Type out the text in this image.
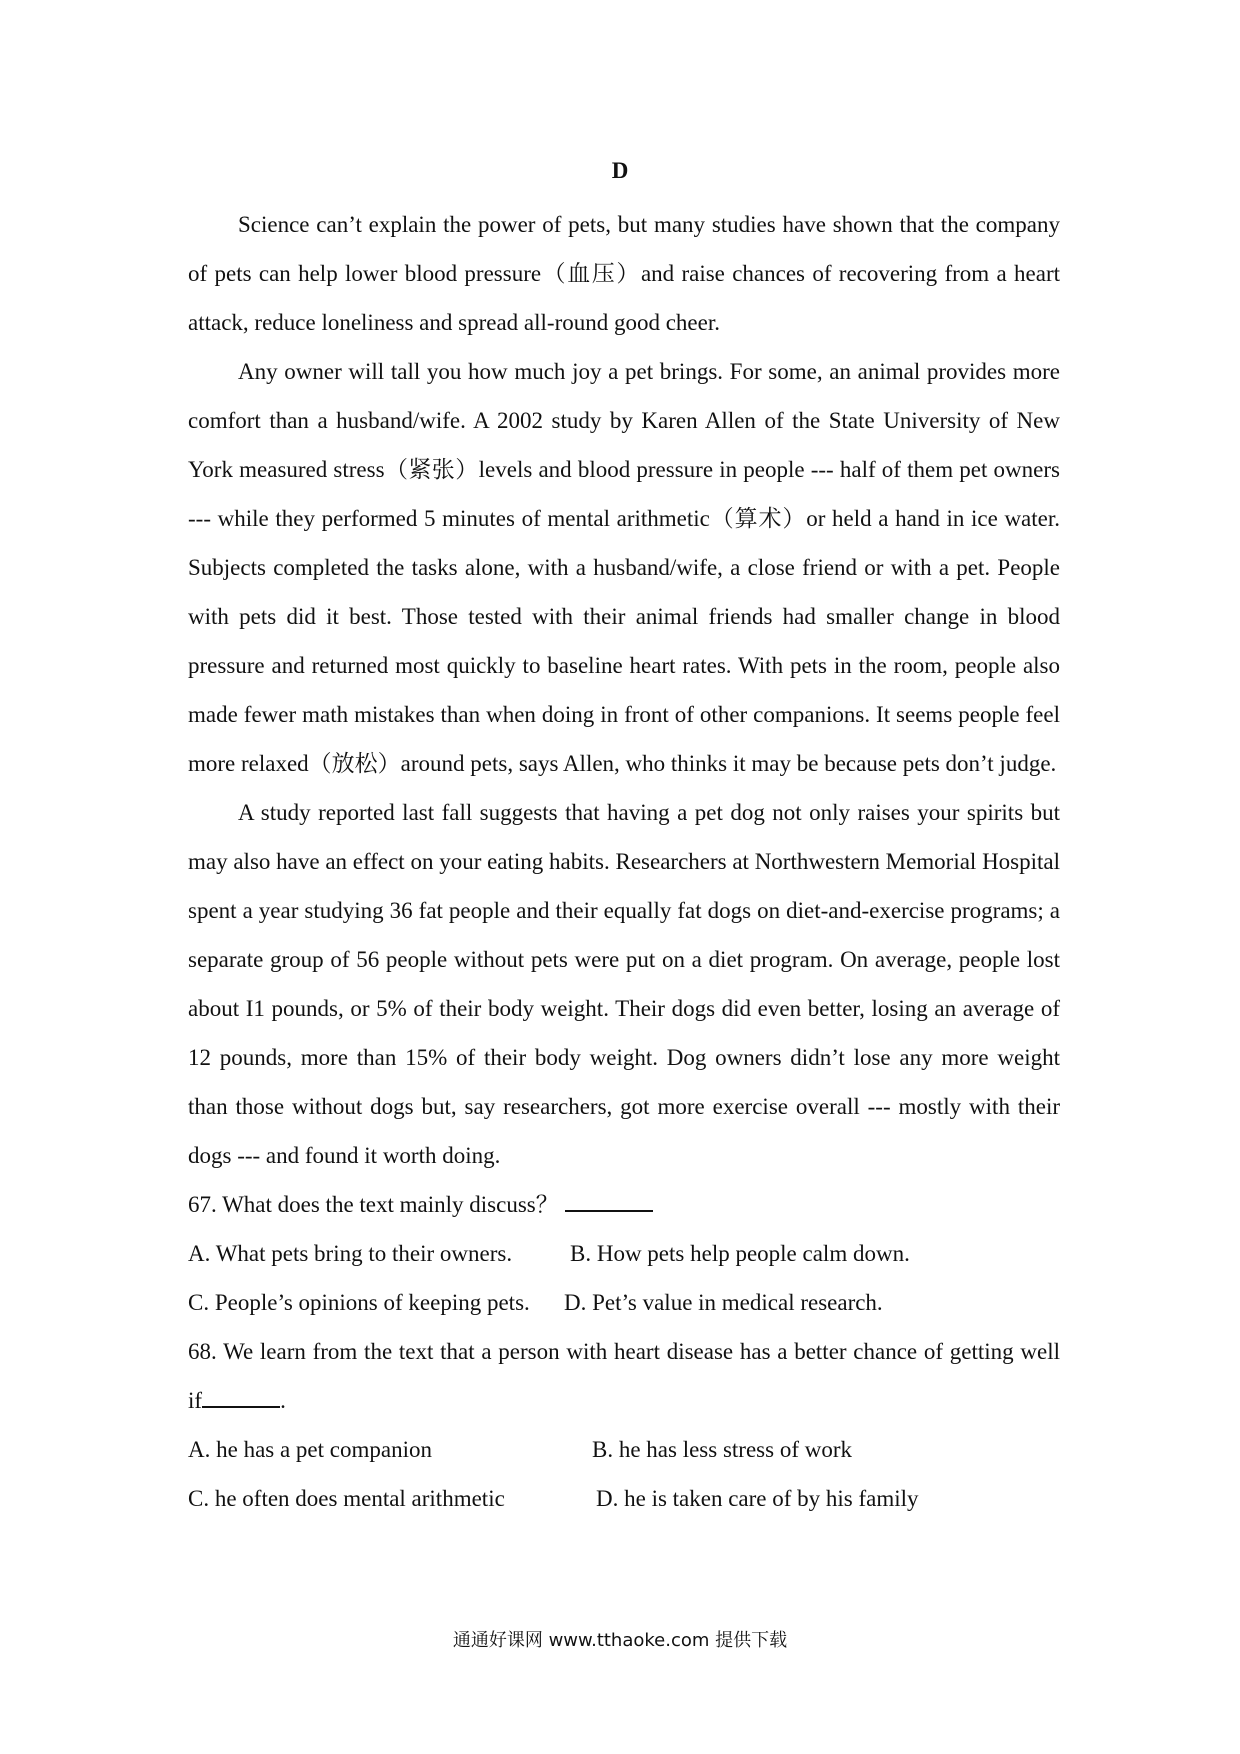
D

Science can’t explain the power of pets, but many studies have shown that the company of pets can help lower blood pressure（血压）and raise chances of recovering from a heart attack, reduce loneliness and spread all-round good cheer.

Any owner will tall you how much joy a pet brings. For some, an animal provides more comfort than a husband/wife. A 2002 study by Karen Allen of the State University of New York measured stress（紧张）levels and blood pressure in people --- half of them pet owners --- while they performed 5 minutes of mental arithmetic（算术）or held a hand in ice water. Subjects completed the tasks alone, with a husband/wife, a close friend or with a pet. People with pets did it best. Those tested with their animal friends had smaller change in blood pressure and returned most quickly to baseline heart rates. With pets in the room, people also made fewer math mistakes than when doing in front of other companions. It seems people feel more relaxed（放松）around pets, says Allen, who thinks it may be because pets don’t judge.

A study reported last fall suggests that having a pet dog not only raises your spirits but may also have an effect on your eating habits. Researchers at Northwestern Memorial Hospital spent a year studying 36 fat people and their equally fat dogs on diet-and-exercise programs; a separate group of 56 people without pets were put on a diet program. On average, people lost about I1 pounds, or 5% of their body weight. Their dogs did even better, losing an average of 12 pounds, more than 15% of their body weight. Dog owners didn’t lose any more weight than those without dogs but, say researchers, got more exercise overall --- mostly with their dogs --- and found it worth doing.

67. What does the text mainly discuss？

A. What pets bring to their owners.	B. How pets help people calm down.
C. People’s opinions of keeping pets.	D. Pet’s value in medical research.

68. We learn from the text that a person with heart disease has a better chance of getting well if	.

A. he has a pet companion	B. he has less stress of work
C. he often does mental arithmetic	D. he is taken care of by his family
通通好课网 www.tthaoke.com 提供下载
